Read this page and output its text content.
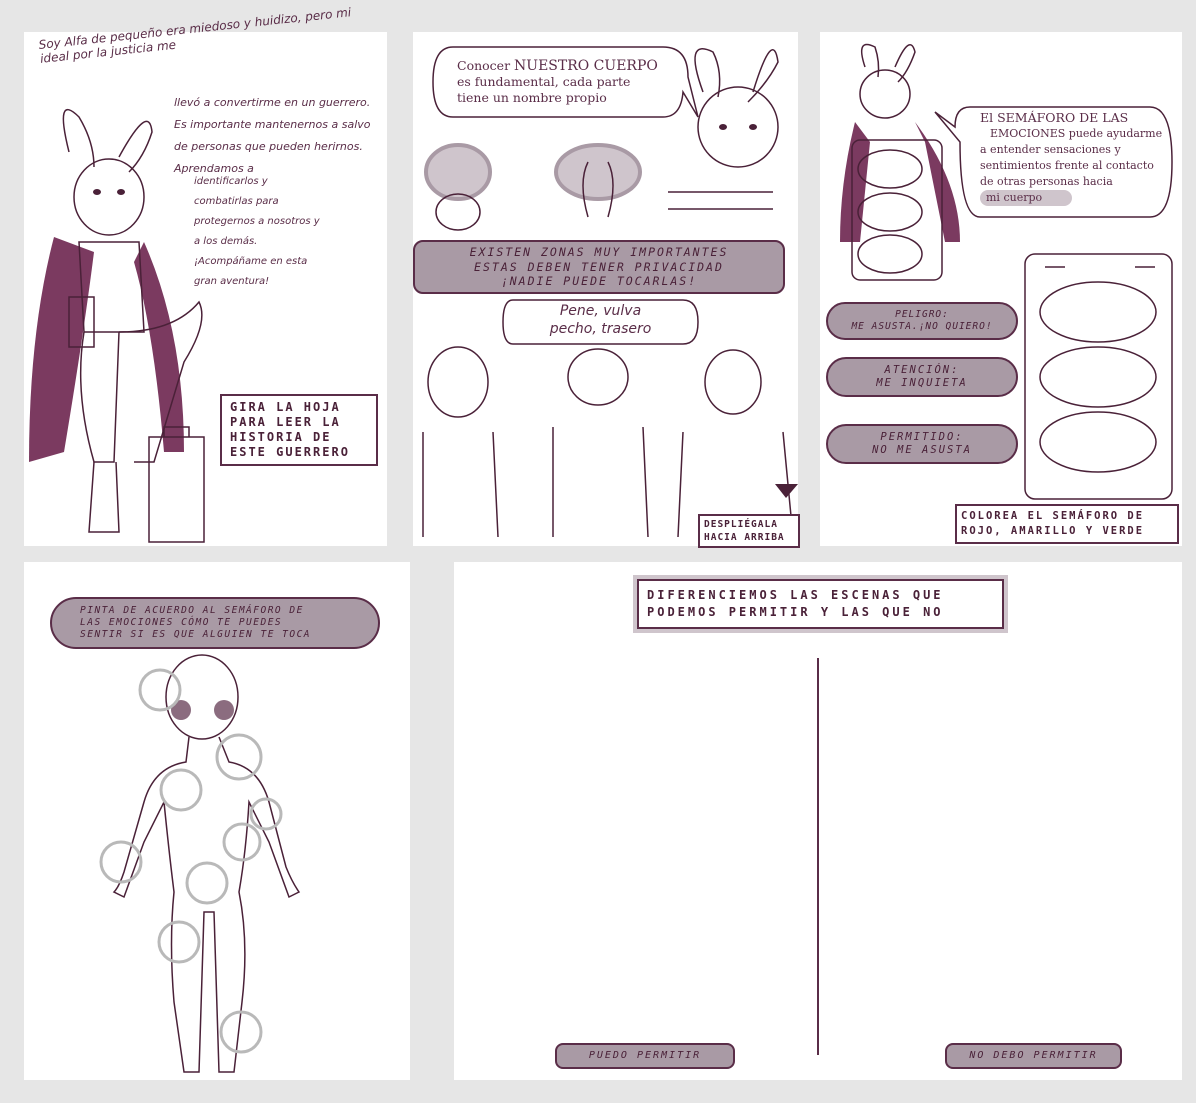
Soy Alfa de pequeño era miedoso y huidizo, pero mi ideal por la justicia me
llevó a convertirme en un guerrero. Es importante mantenernos a salvo de personas que pueden herirnos. Aprendamos a
identificarlos y combatirlas para protegernos a nosotros y a los demás. ¡Acompáñame en esta gran aventura!
GIRA LA HOJA
PARA LEER LA
HISTORIA DE
ESTE GUERRERO
Conocer NUESTRO CUERPO
es fundamental, cada parte
tiene un nombre propio
EXISTEN ZONAS MUY IMPORTANTES
ESTAS DEBEN TENER PRIVACIDAD
¡NADIE PUEDE TOCARLAS!
Pene, vulva
pecho, trasero
DESPLIÉGALA
HACIA ARRIBA
El SEMÁFORO DE LAS
EMOCIONES puede ayudarme
a entender sensaciones y
sentimientos frente al contacto
de otras personas hacia
mi cuerpo
PELIGRO:
ME ASUSTA.¡NO QUIERO!
ATENCIÓN:
ME INQUIETA
PERMITIDO:
NO ME ASUSTA
COLOREA EL SEMÁFORO DE
ROJO, AMARILLO Y VERDE
PINTA DE ACUERDO AL SEMÁFORO DE
LAS EMOCIONES CÓMO TE PUEDES
SENTIR SI ES QUE ALGUIEN TE TOCA
DIFERENCIEMOS LAS ESCENAS QUE
PODEMOS PERMITIR Y LAS QUE NO
PUEDO PERMITIR	NO DEBO PERMITIR
